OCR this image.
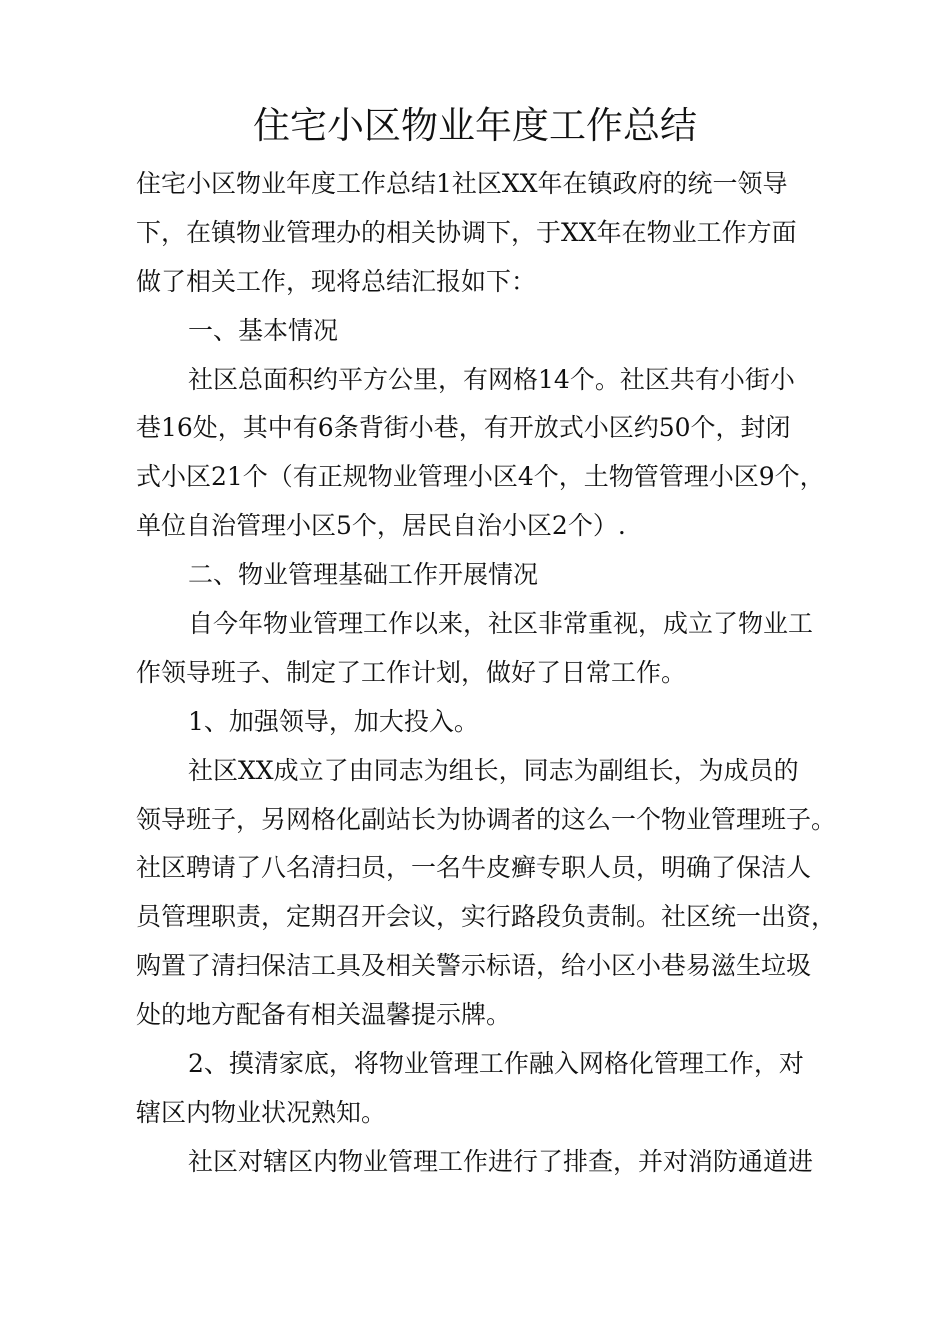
住宅小区物业年度工作总结
住宅小区物业年度工作总结1社区XX年在镇政府的统一领导
下，在镇物业管理办的相关协调下，于XX年在物业工作方面
做了相关工作，现将总结汇报如下：
一、基本情况
社区总面积约平方公里，有网格14个。社区共有小街小
巷16处，其中有6条背街小巷，有开放式小区约50个，封闭
式小区21个（有正规物业管理小区4个，土物管管理小区9个，
单位自治管理小区5个，居民自治小区2个）.
二、物业管理基础工作开展情况
自今年物业管理工作以来，社区非常重视，成立了物业工
作领导班子、制定了工作计划，做好了日常工作。
1、加强领导，加大投入。
社区XX成立了由同志为组长，同志为副组长，为成员的
领导班子，另网格化副站长为协调者的这么一个物业管理班子。
社区聘请了八名清扫员，一名牛皮癣专职人员，明确了保洁人
员管理职责，定期召开会议，实行路段负责制。社区统一出资，
购置了清扫保洁工具及相关警示标语，给小区小巷易滋生垃圾
处的地方配备有相关温馨提示牌。
2、摸清家底，将物业管理工作融入网格化管理工作，对
辖区内物业状况熟知。
社区对辖区内物业管理工作进行了排查，并对消防通道进
